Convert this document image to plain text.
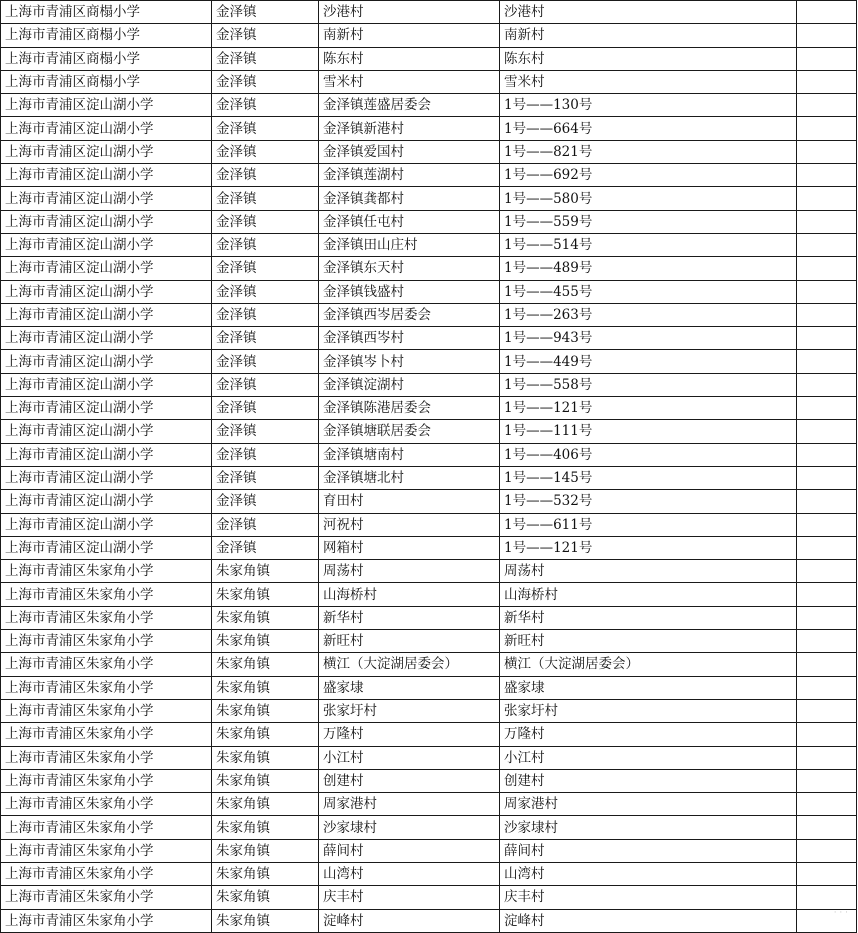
上海市青浦区商榻小学	金泽镇	沙港村	沙港村	
上海市青浦区商榻小学	金泽镇	南新村	南新村	
上海市青浦区商榻小学	金泽镇	陈东村	陈东村	
上海市青浦区商榻小学	金泽镇	雪米村	雪米村	
上海市青浦区淀山湖小学	金泽镇	金泽镇莲盛居委会	1号——130号	
上海市青浦区淀山湖小学	金泽镇	金泽镇新港村	1号——664号	
上海市青浦区淀山湖小学	金泽镇	金泽镇爱国村	1号——821号	
上海市青浦区淀山湖小学	金泽镇	金泽镇莲湖村	1号——692号	
上海市青浦区淀山湖小学	金泽镇	金泽镇龚都村	1号——580号	
上海市青浦区淀山湖小学	金泽镇	金泽镇任屯村	1号——559号	
上海市青浦区淀山湖小学	金泽镇	金泽镇田山庄村	1号——514号	
上海市青浦区淀山湖小学	金泽镇	金泽镇东天村	1号——489号	
上海市青浦区淀山湖小学	金泽镇	金泽镇钱盛村	1号——455号	
上海市青浦区淀山湖小学	金泽镇	金泽镇西岑居委会	1号——263号	
上海市青浦区淀山湖小学	金泽镇	金泽镇西岑村	1号——943号	
上海市青浦区淀山湖小学	金泽镇	金泽镇岑卜村	1号——449号	
上海市青浦区淀山湖小学	金泽镇	金泽镇淀湖村	1号——558号	
上海市青浦区淀山湖小学	金泽镇	金泽镇陈港居委会	1号——121号	
上海市青浦区淀山湖小学	金泽镇	金泽镇塘联居委会	1号——111号	
上海市青浦区淀山湖小学	金泽镇	金泽镇塘南村	1号——406号	
上海市青浦区淀山湖小学	金泽镇	金泽镇塘北村	1号——145号	
上海市青浦区淀山湖小学	金泽镇	育田村	1号——532号	
上海市青浦区淀山湖小学	金泽镇	河祝村	1号——611号	
上海市青浦区淀山湖小学	金泽镇	网箱村	1号——121号	
上海市青浦区朱家角小学	朱家角镇	周荡村	周荡村	
上海市青浦区朱家角小学	朱家角镇	山海桥村	山海桥村	
上海市青浦区朱家角小学	朱家角镇	新华村	新华村	
上海市青浦区朱家角小学	朱家角镇	新旺村	新旺村	
上海市青浦区朱家角小学	朱家角镇	横江（大淀湖居委会）	横江（大淀湖居委会）	
上海市青浦区朱家角小学	朱家角镇	盛家埭	盛家埭	
上海市青浦区朱家角小学	朱家角镇	张家圩村	张家圩村	
上海市青浦区朱家角小学	朱家角镇	万隆村	万隆村	
上海市青浦区朱家角小学	朱家角镇	小江村	小江村	
上海市青浦区朱家角小学	朱家角镇	创建村	创建村	
上海市青浦区朱家角小学	朱家角镇	周家港村	周家港村	
上海市青浦区朱家角小学	朱家角镇	沙家埭村	沙家埭村	
上海市青浦区朱家角小学	朱家角镇	薛间村	薛间村	
上海市青浦区朱家角小学	朱家角镇	山湾村	山湾村	
上海市青浦区朱家角小学	朱家角镇	庆丰村	庆丰村	
上海市青浦区朱家角小学	朱家角镇	淀峰村	淀峰村		· · ·
